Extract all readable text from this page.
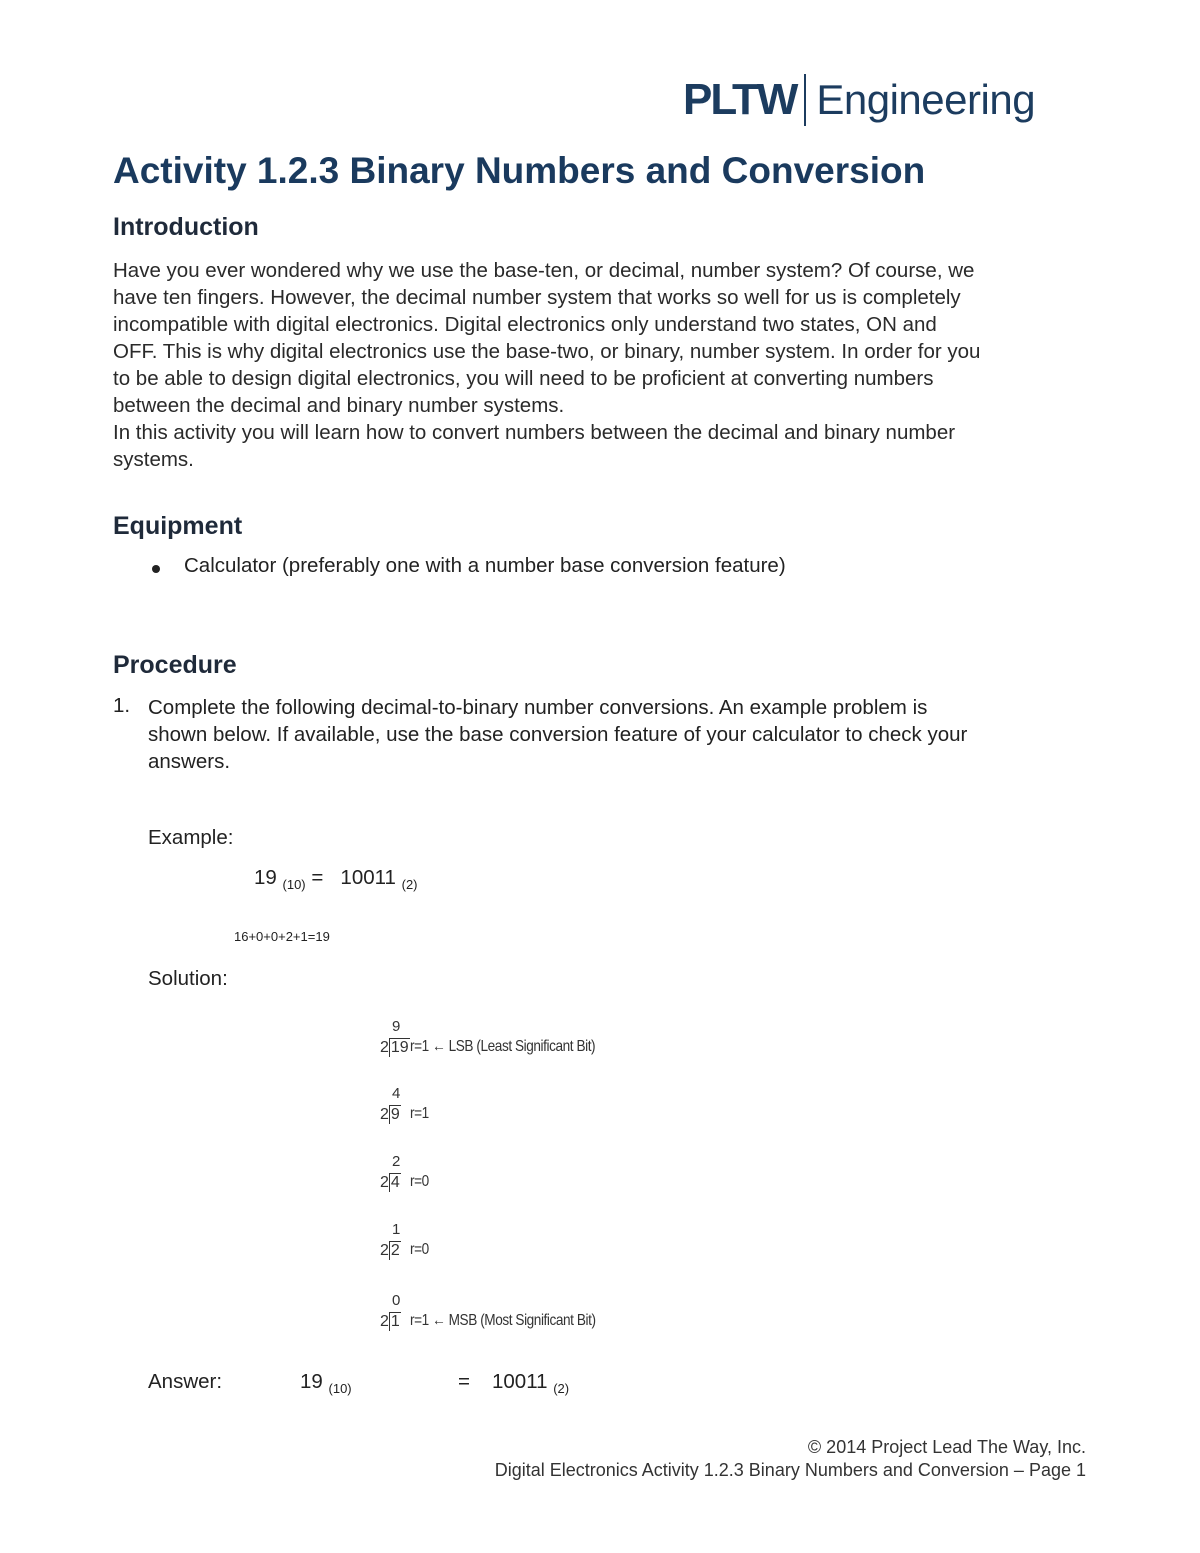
PLTW Engineering
Activity 1.2.3 Binary Numbers and Conversion
Introduction
Have you ever wondered why we use the base-ten, or decimal, number system? Of course, we
have ten fingers. However, the decimal number system that works so well for us is completely
incompatible with digital electronics. Digital electronics only understand two states, ON and
OFF. This is why digital electronics use the base-two, or binary, number system. In order for you
to be able to design digital electronics, you will need to be proficient at converting numbers
between the decimal and binary number systems.
In this activity you will learn how to convert numbers between the decimal and binary number
systems.
Equipment
Calculator (preferably one with a number base conversion feature)
Procedure
1. Complete the following decimal-to-binary number conversions. An example problem is
shown below. If available, use the base conversion feature of your calculator to check your
answers.
Example:
19 $_{(10)}$ = 10011 $_{(2)}$
16+0+0+2+1=19
Solution:
9
2 19 r=1 ← LSB (Least Significant Bit)
4
2 9 r=1
2
2 4 r=0
1
2 2 r=0
0
2 1 r=1 ← MSB (Most Significant Bit)
Answer:	19 $_{(10)}$	= 10011 $_{(2)}$
© 2014 Project Lead The Way, Inc.
Digital Electronics Activity 1.2.3 Binary Numbers and Conversion – Page 1
